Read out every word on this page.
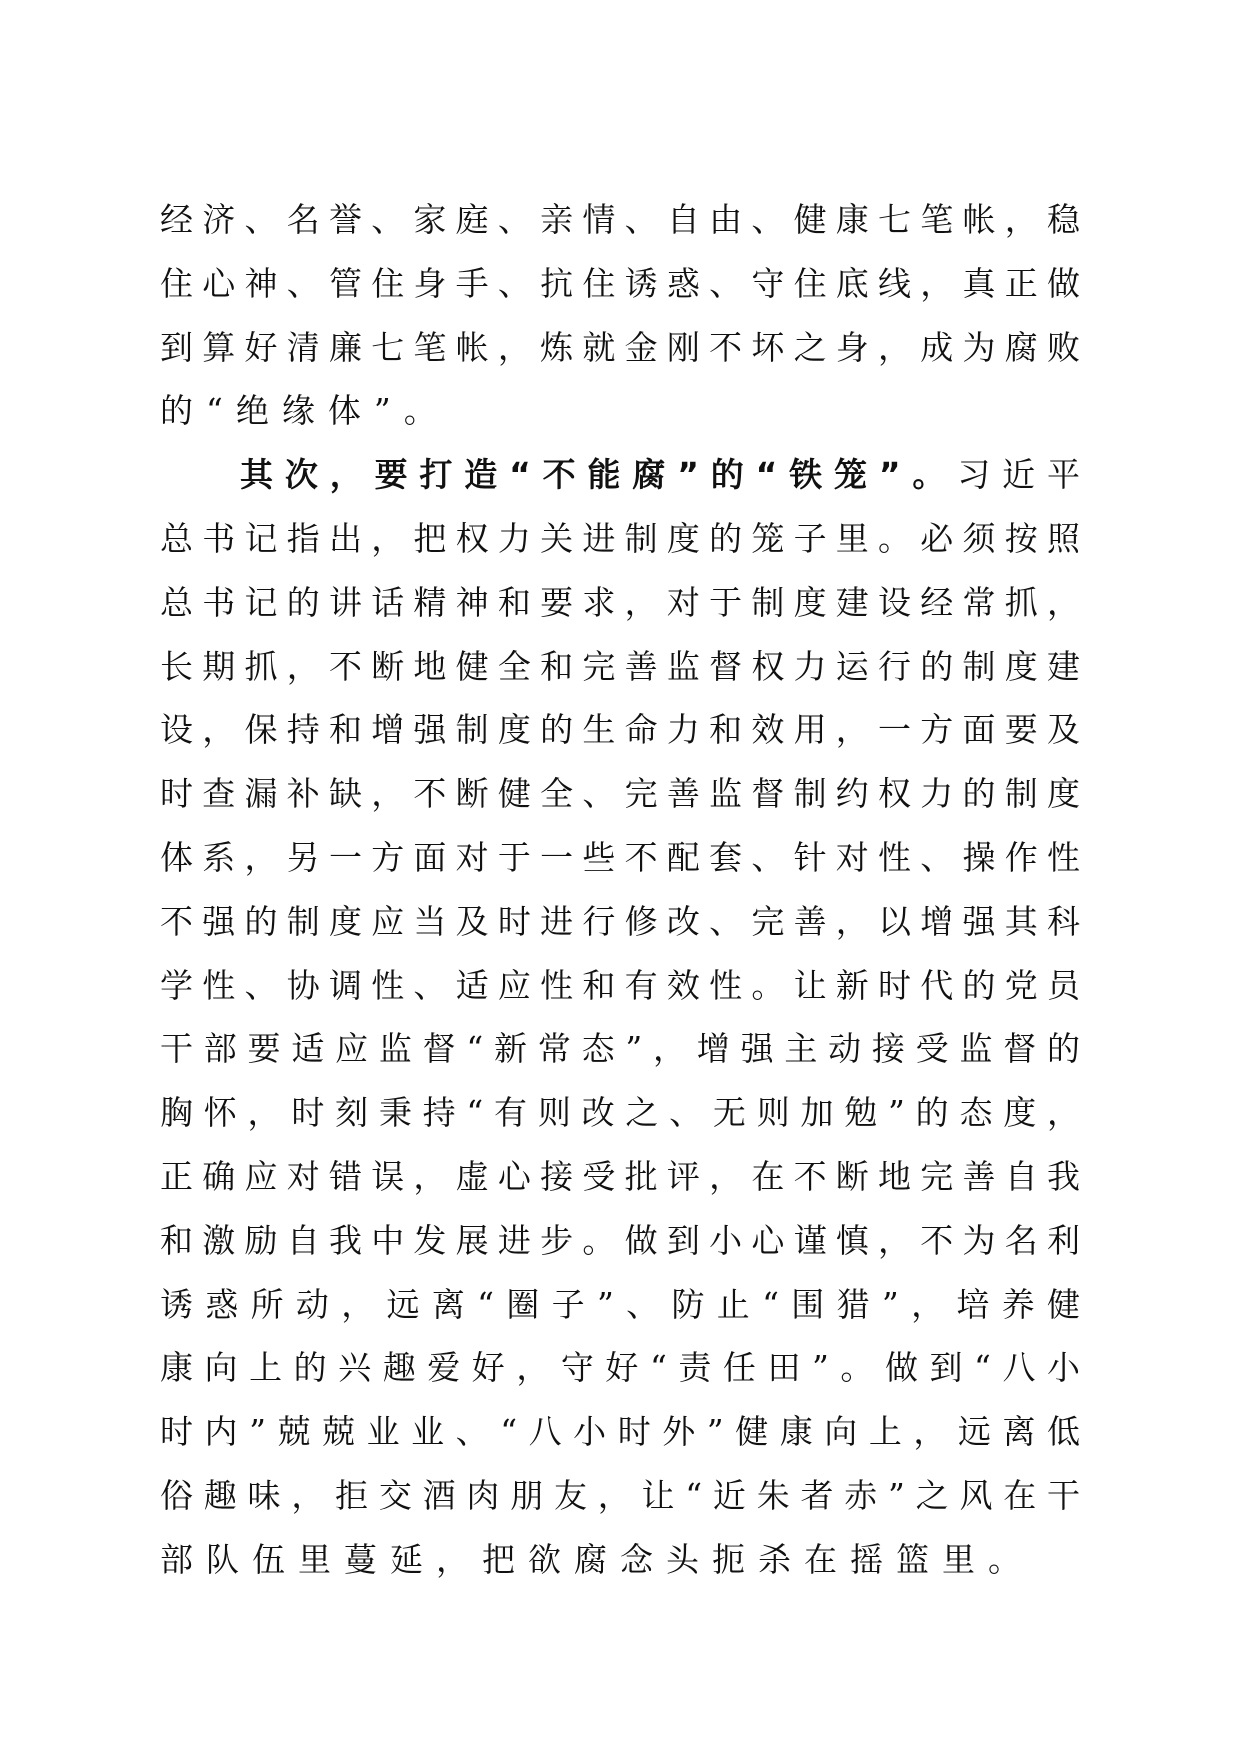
经济、名誉、家庭、亲情、自由、健康七笔帐，稳
住心神、管住身手、抗住诱惑、守住底线，真正做
到算好清廉七笔帐，炼就金刚不坏之身，成为腐败
的“绝缘体”。
其次，要打造“不能腐”的“铁笼”。习近平
总书记指出，把权力关进制度的笼子里。必须按照
总书记的讲话精神和要求，对于制度建设经常抓，
长期抓，不断地健全和完善监督权力运行的制度建
设，保持和增强制度的生命力和效用，一方面要及
时查漏补缺，不断健全、完善监督制约权力的制度
体系，另一方面对于一些不配套、针对性、操作性
不强的制度应当及时进行修改、完善，以增强其科
学性、协调性、适应性和有效性。让新时代的党员
干部要适应监督“新常态”，增强主动接受监督的
胸怀，时刻秉持“有则改之、无则加勉”的态度，
正确应对错误，虚心接受批评，在不断地完善自我
和激励自我中发展进步。做到小心谨慎，不为名利
诱惑所动，远离“圈子”、防止“围猎”，培养健
康向上的兴趣爱好，守好“责任田”。做到“八小
时内”兢兢业业、“八小时外”健康向上，远离低
俗趣味，拒交酒肉朋友，让“近朱者赤”之风在干
部队伍里蔓延，把欲腐念头扼杀在摇篮里。
